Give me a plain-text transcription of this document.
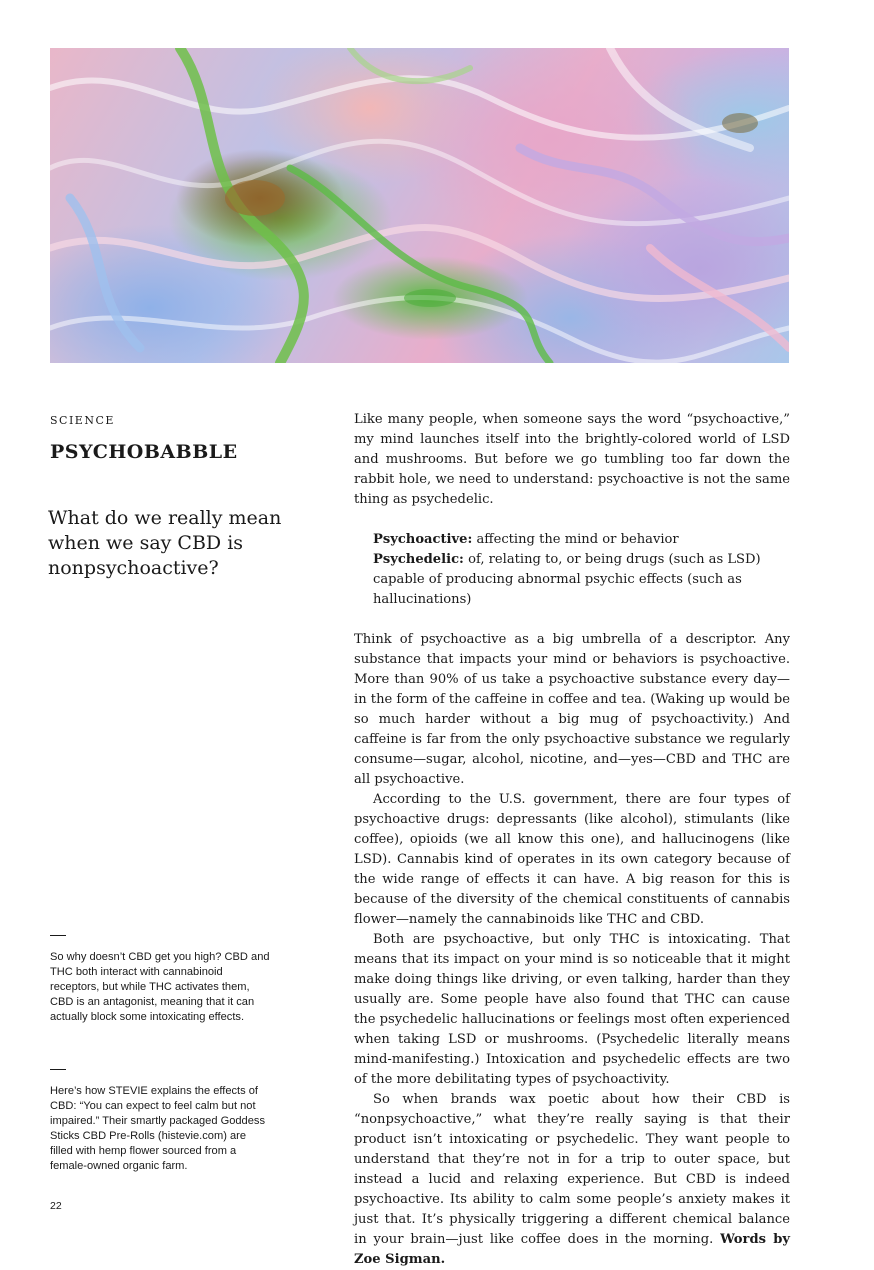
SCIENCE

PSYCHOBABBLE
What do we really mean when we say CBD is nonpsychoactive?

Like many people, when someone says the word “psychoactive,” my mind launches itself into the brightly-colored world of LSD and mushrooms. But before we go tumbling too far down the rabbit hole, we need to understand: psychoactive is not the same thing as psychedelic.

Psychoactive: affecting the mind or behavior

Psychedelic: of, relating to, or being drugs (such as LSD) capable of producing abnormal psychic effects (such as hallucinations)

Think of psychoactive as a big umbrella of a descriptor. Any substance that impacts your mind or behaviors is psychoactive. More than 90% of us take a psychoactive substance every day—in the form of the caffeine in coffee and tea. (Waking up would be so much harder without a big mug of psychoactivity.) And caffeine is far from the only psychoactive substance we regularly consume—sugar, alcohol, nicotine, and—yes—CBD and THC are all psychoactive.

According to the U.S. government, there are four types of psychoactive drugs: depressants (like alcohol), stimulants (like coffee), opioids (we all know this one), and hallucinogens (like LSD). Cannabis kind of operates in its own category because of the wide range of effects it can have. A big reason for this is because of the diversity of the chemical constituents of cannabis flower—namely the cannabinoids like THC and CBD.

Both are psychoactive, but only THC is intoxicating. That means that its impact on your mind is so noticeable that it might make doing things like driving, or even talking, harder than they usually are. Some people have also found that THC can cause the psychedelic hallucinations or feelings most often experienced when taking LSD or mushrooms. (Psychedelic literally means mind-manifesting.) Intoxication and psychedelic effects are two of the more debilitating types of psychoactivity.

So when brands wax poetic about how their CBD is “nonpsychoactive,” what they’re really saying is that their product isn’t intoxicating or psychedelic. They want people to understand that they’re not in for a trip to outer space, but instead a lucid and relaxing experience. But CBD is indeed psychoactive. Its ability to calm some people’s anxiety makes it just that. It’s physically triggering a different chemical balance in your brain—just like coffee does in the morning. Words by Zoe Sigman.

So why doesn’t CBD get you high? CBD and THC both interact with cannabinoid receptors, but while THC activates them, CBD is an antagonist, meaning that it can actually block some intoxicating effects.

Here’s how STEVIE explains the effects of CBD: “You can expect to feel calm but not impaired.” Their smartly packaged Goddess Sticks CBD Pre-Rolls (histevie.com) are filled with hemp flower sourced from a female-owned organic farm.

22
